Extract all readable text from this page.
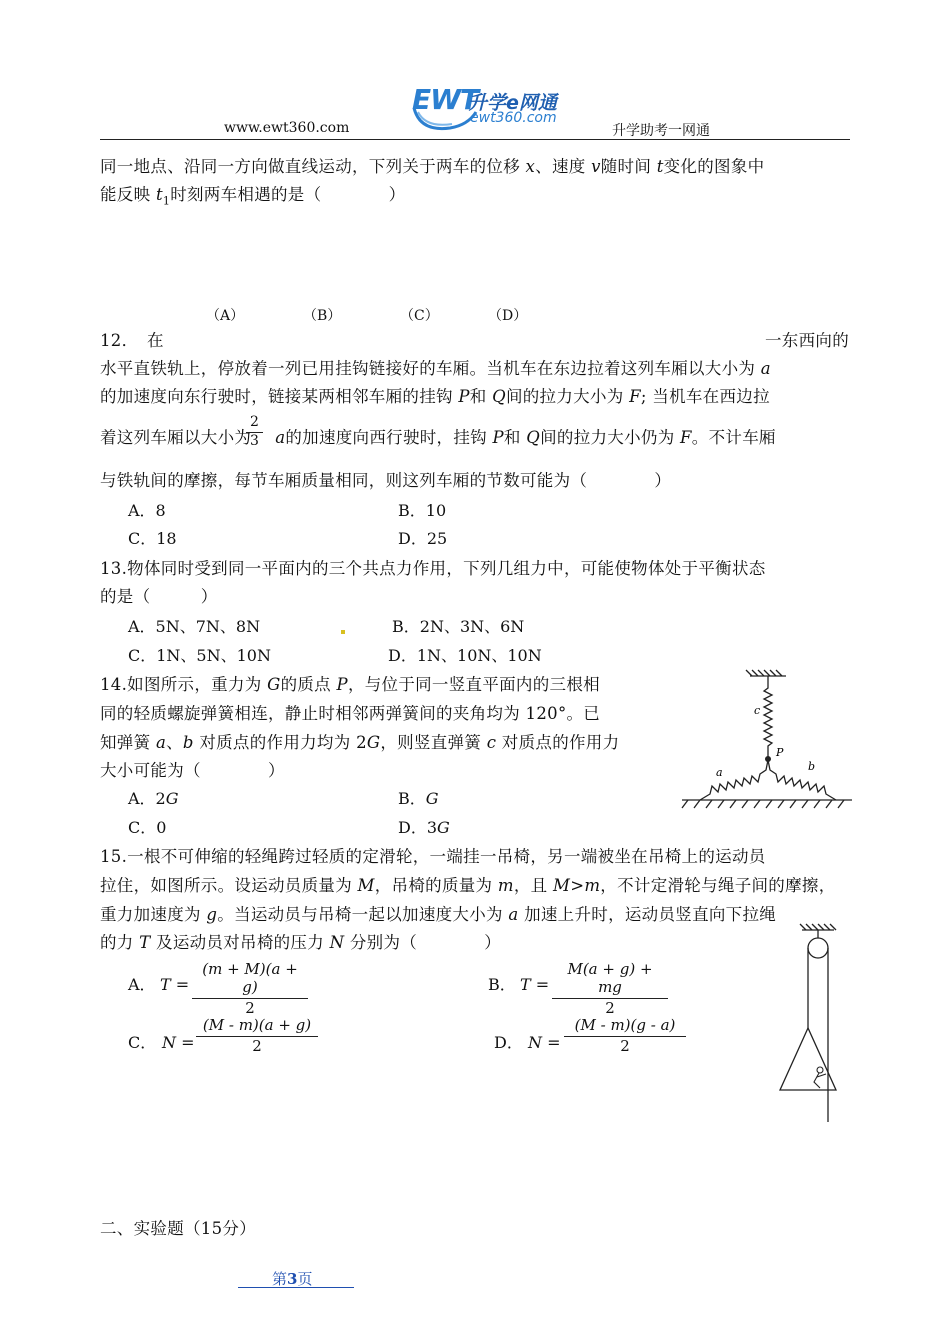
EWT
升学e网通
ewt360.com
www.ewt360.com	升学助考一网通
同一地点、沿同一方向做直线运动，下列关于两车的位移 x、速度 v随时间 t变化的图象中
能反映 $t_1$时刻两车相遇的是（　　　　）
（A）	（B）	（C）	（D）
12．　在	一东西向的
水平直铁轨上，停放着一列已用挂钩链接好的车厢。当机车在东边拉着这列车厢以大小为 a
的加速度向东行驶时，链接某两相邻车厢的挂钩 P和 Q间的拉力大小为 F; 当机车在西边拉
着这列车厢以大小为 a的加速度向西行驶时，挂钩 P和 Q间的拉力大小仍为 F。不计车厢
2
3
与铁轨间的摩擦，每节车厢质量相同，则这列车厢的节数可能为（　　　　）
A．8	B．10
C．18	D．25
13.物体同时受到同一平面内的三个共点力作用，下列几组力中，可能使物体处于平衡状态
的是（　　　）
A．5N、7N、8N	B．2N、3N、6N
C．1N、5N、10N	D．1N、10N、10N
14.如图所示，重力为 G的质点 P，与位于同一竖直平面内的三根相
同的轻质螺旋弹簧相连，静止时相邻两弹簧间的夹角均为 120°。已
知弹簧 a、b 对质点的作用力均为 2G，则竖直弹簧 c 对质点的作用力
大小可能为（　　　　）
A．2G	B．G
C．0	D．3G
c
P
a	b
15.一根不可伸缩的轻绳跨过轻质的定滑轮，一端挂一吊椅，另一端被坐在吊椅上的运动员
拉住，如图所示。设运动员质量为 M，吊椅的质量为 m，且 M>m，不计定滑轮与绳子间的摩擦，
重力加速度为 g。当运动员与吊椅一起以加速度大小为 a 加速上升时，运动员竖直向下拉绳
的力 T 及运动员对吊椅的压力 N 分别为（　　　　）
A． T =
(m + M)(a + g)
2
B． T =
M(a + g) + mg
2
C． N =
(M - m)(a + g)
2	D． N =
(M - m)(g - a)
2
二、实验题（15分）
第3页
